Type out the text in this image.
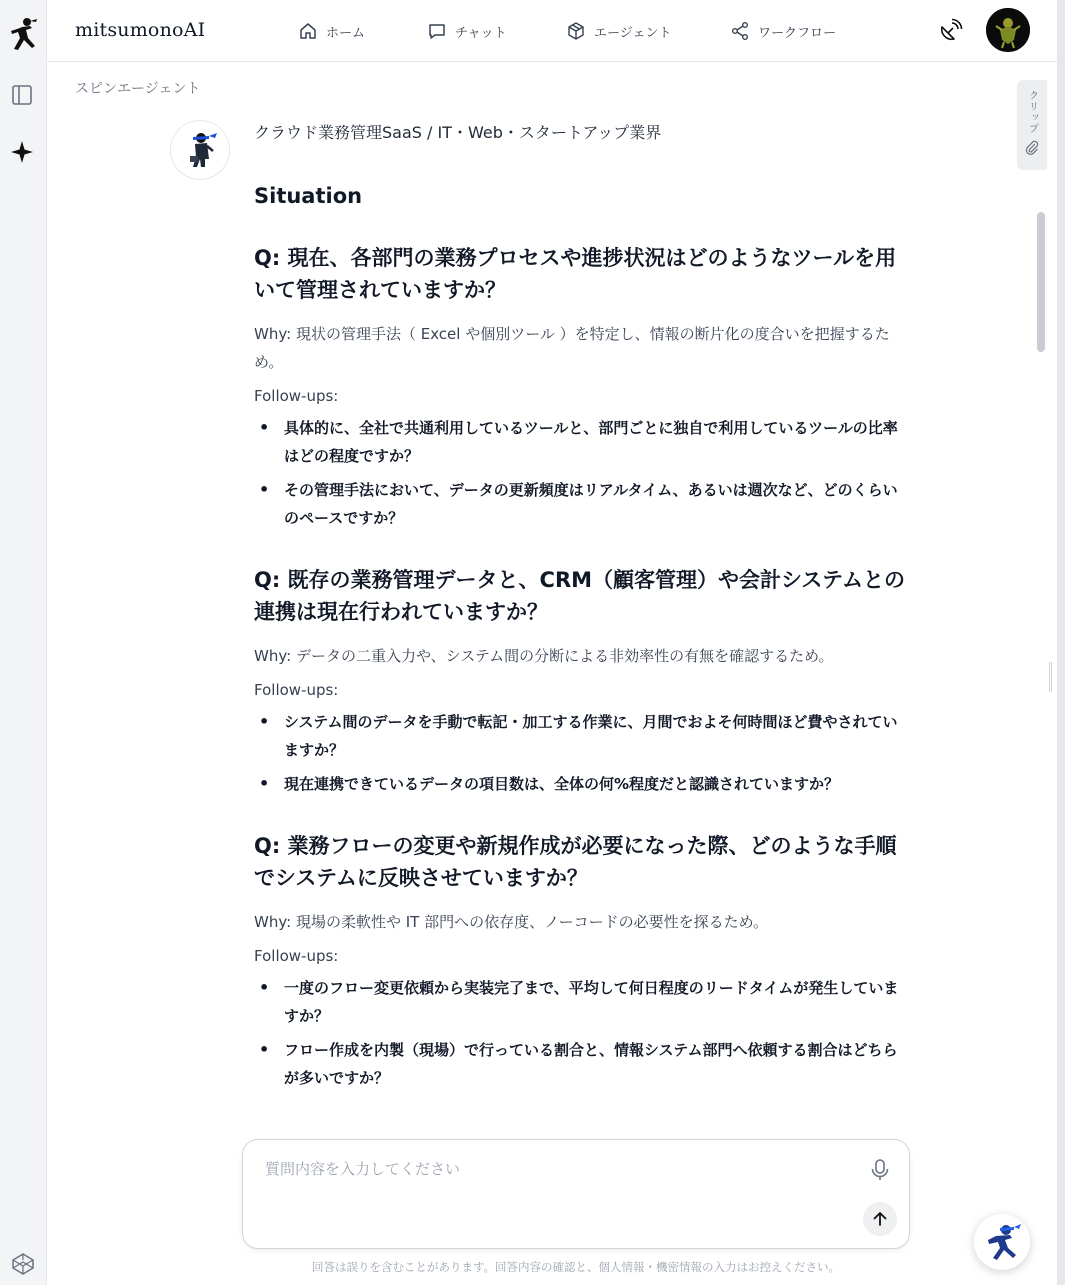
mitsumonoAI	ホーム	チャット	エージェント	ワークフロー
クリップ
スピンエージェント
クラウド業務管理SaaS / IT・Web・スタートアップ業界
Situation
Q: 現在、各部門の業務プロセスや進捗状況はどのようなツールを用いて管理されていますか？
Why: 現状の管理手法（ Excel や個別ツール ）を特定し、情報の断片化の度合いを把握するため。
Follow-ups:
• 具体的に、全社で共通利用しているツールと、部門ごとに独自で利用しているツールの比率はどの程度ですか？
• その管理手法において、データの更新頻度はリアルタイム、あるいは週次など、どのくらいのペースですか？
Q: 既存の業務管理データと、CRM（顧客管理）や会計システムとの連携は現在行われていますか？
Why: データの二重入力や、システム間の分断による非効率性の有無を確認するため。
Follow-ups:
• システム間のデータを手動で転記・加工する作業に、月間でおよそ何時間ほど費やされていますか？
• 現在連携できているデータの項目数は、全体の何%程度だと認識されていますか？
Q: 業務フローの変更や新規作成が必要になった際、どのような手順でシステムに反映させていますか？
Why: 現場の柔軟性や IT 部門への依存度、ノーコードの必要性を探るため。
Follow-ups:
• 一度のフロー変更依頼から実装完了まで、平均して何日程度のリードタイムが発生していますか？
• フロー作成を内製（現場）で行っている割合と、情報システム部門へ依頼する割合はどちらが多いですか？
質問内容を入力してください
回答は誤りを含むことがあります。回答内容の確認と、個人情報・機密情報の入力はお控えください。
